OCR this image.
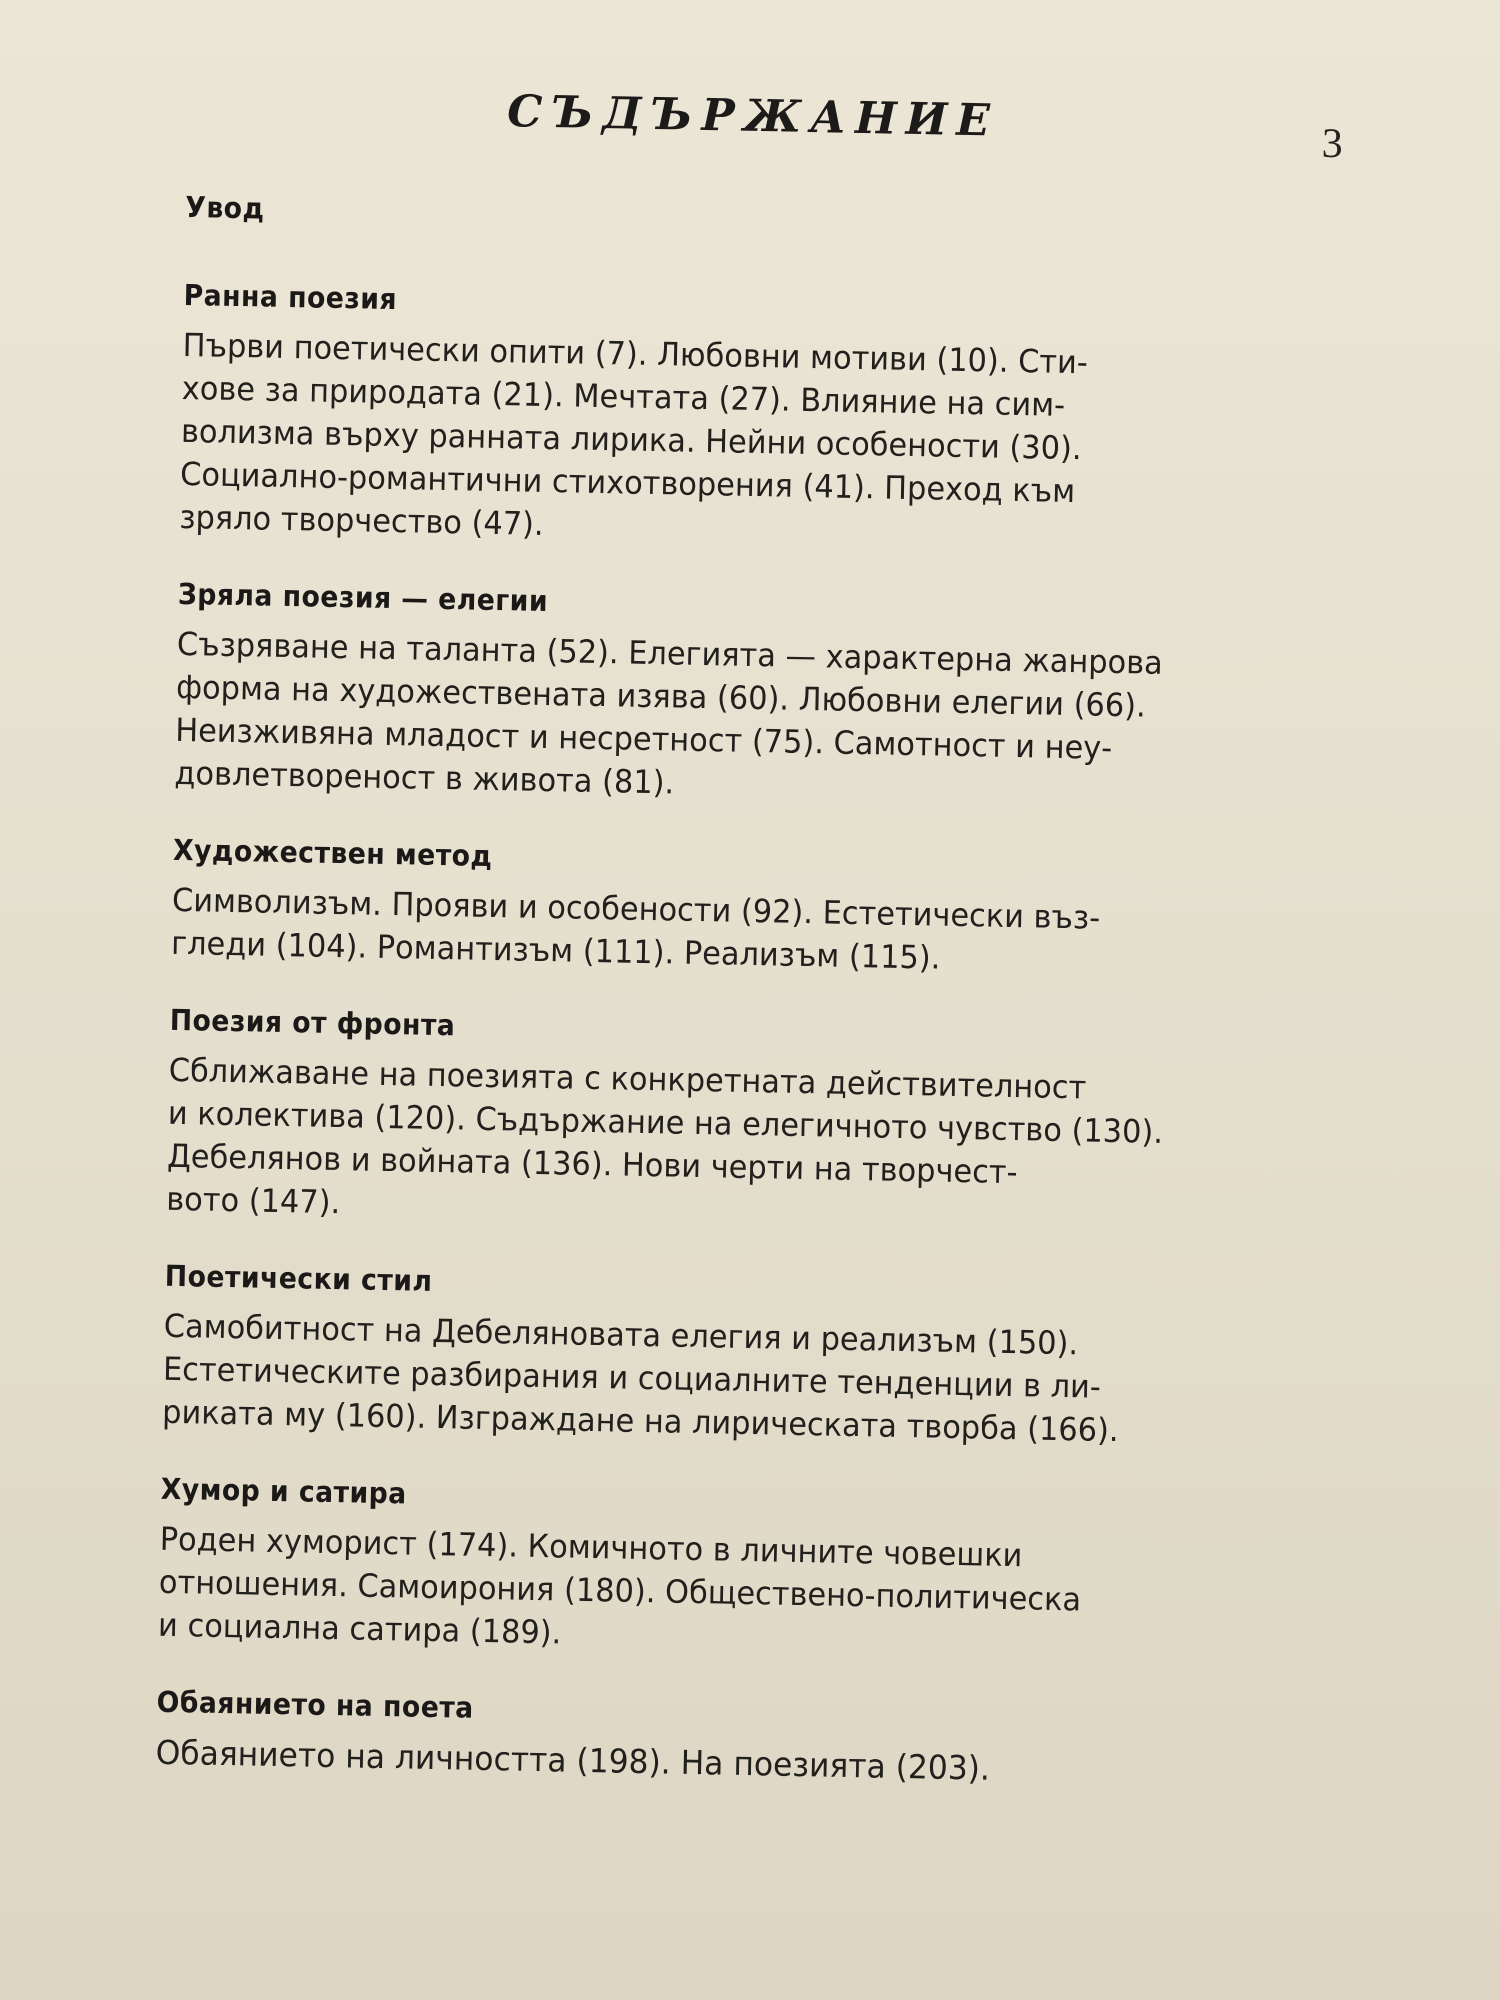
СЪДЪРЖАНИЕ	3
Увод
Ранна поезия
Първи поетически опити (7). Любовни мотиви (10). Сти-
хове за природата (21). Мечтата (27). Влияние на сим-
волизма върху ранната лирика. Нейни особености (30).
Социално-романтични стихотворения (41). Преход към
зряло творчество (47).
Зряла поезия — елегии
Съзряване на таланта (52). Елегията — характерна жанрова
форма на художествената изява (60). Любовни елегии (66).
Неизживяна младост и несретност (75). Самотност и неу-
довлетвореност в живота (81).
Художествен метод
Символизъм. Прояви и особености (92). Естетически въз-
гледи (104). Романтизъм (111). Реализъм (115).
Поезия от фронта
Сближаване на поезията с конкретната действителност
и колектива (120). Съдържание на елегичното чувство (130).
Дебелянов и войната (136). Нови черти на творчест-
вото (147).
Поетически стил
Самобитност на Дебеляновата елегия и реализъм (150).
Естетическите разбирания и социалните тенденции в ли-
риката му (160). Изграждане на лирическата творба (166).
Хумор и сатира
Роден хуморист (174). Комичното в личните човешки
отношения. Самоирония (180). Обществено-политическа
и социална сатира (189).
Обаянието на поета
Обаянието на личността (198). На поезията (203).
